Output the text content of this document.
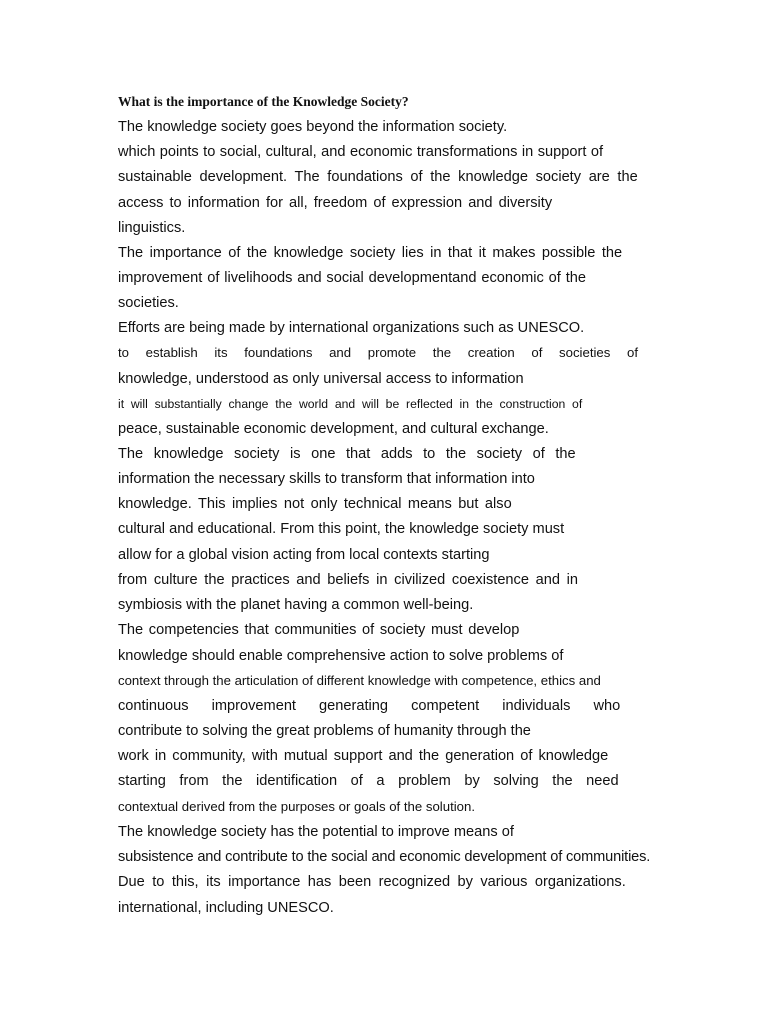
What is the importance of the Knowledge Society?
The knowledge society goes beyond the information society.
which points to social, cultural, and economic transformations in support of
sustainable development. The foundations of the knowledge society are the
access to information for all, freedom of expression and diversity
linguistics.
The importance of the knowledge society lies in that it makes possible the
improvement of livelihoods and social developmentand economic of the
societies.
Efforts are being made by international organizations such as UNESCO.
to establish its foundations and promote the creation of societies of
knowledge, understood as only universal access to information
it will substantially change the world and will be reflected in the construction of
peace, sustainable economic development, and cultural exchange.
The knowledge society is one that adds to the society of the
information the necessary skills to transform that information into
knowledge. This implies not only technical means but also
cultural and educational. From this point, the knowledge society must
allow for a global vision acting from local contexts starting
from culture the practices and beliefs in civilized coexistence and in
symbiosis with the planet having a common well-being.
The competencies that communities of society must develop
knowledge should enable comprehensive action to solve problems of
context through the articulation of different knowledge with competence, ethics and
continuous improvement generating competent individuals who
contribute to solving the great problems of humanity through the
work in community, with mutual support and the generation of knowledge
starting from the identification of a problem by solving the need
contextual derived from the purposes or goals of the solution.
The knowledge society has the potential to improve means of
subsistence and contribute to the social and economic development of communities.
Due to this, its importance has been recognized by various organizations.
international, including UNESCO.
